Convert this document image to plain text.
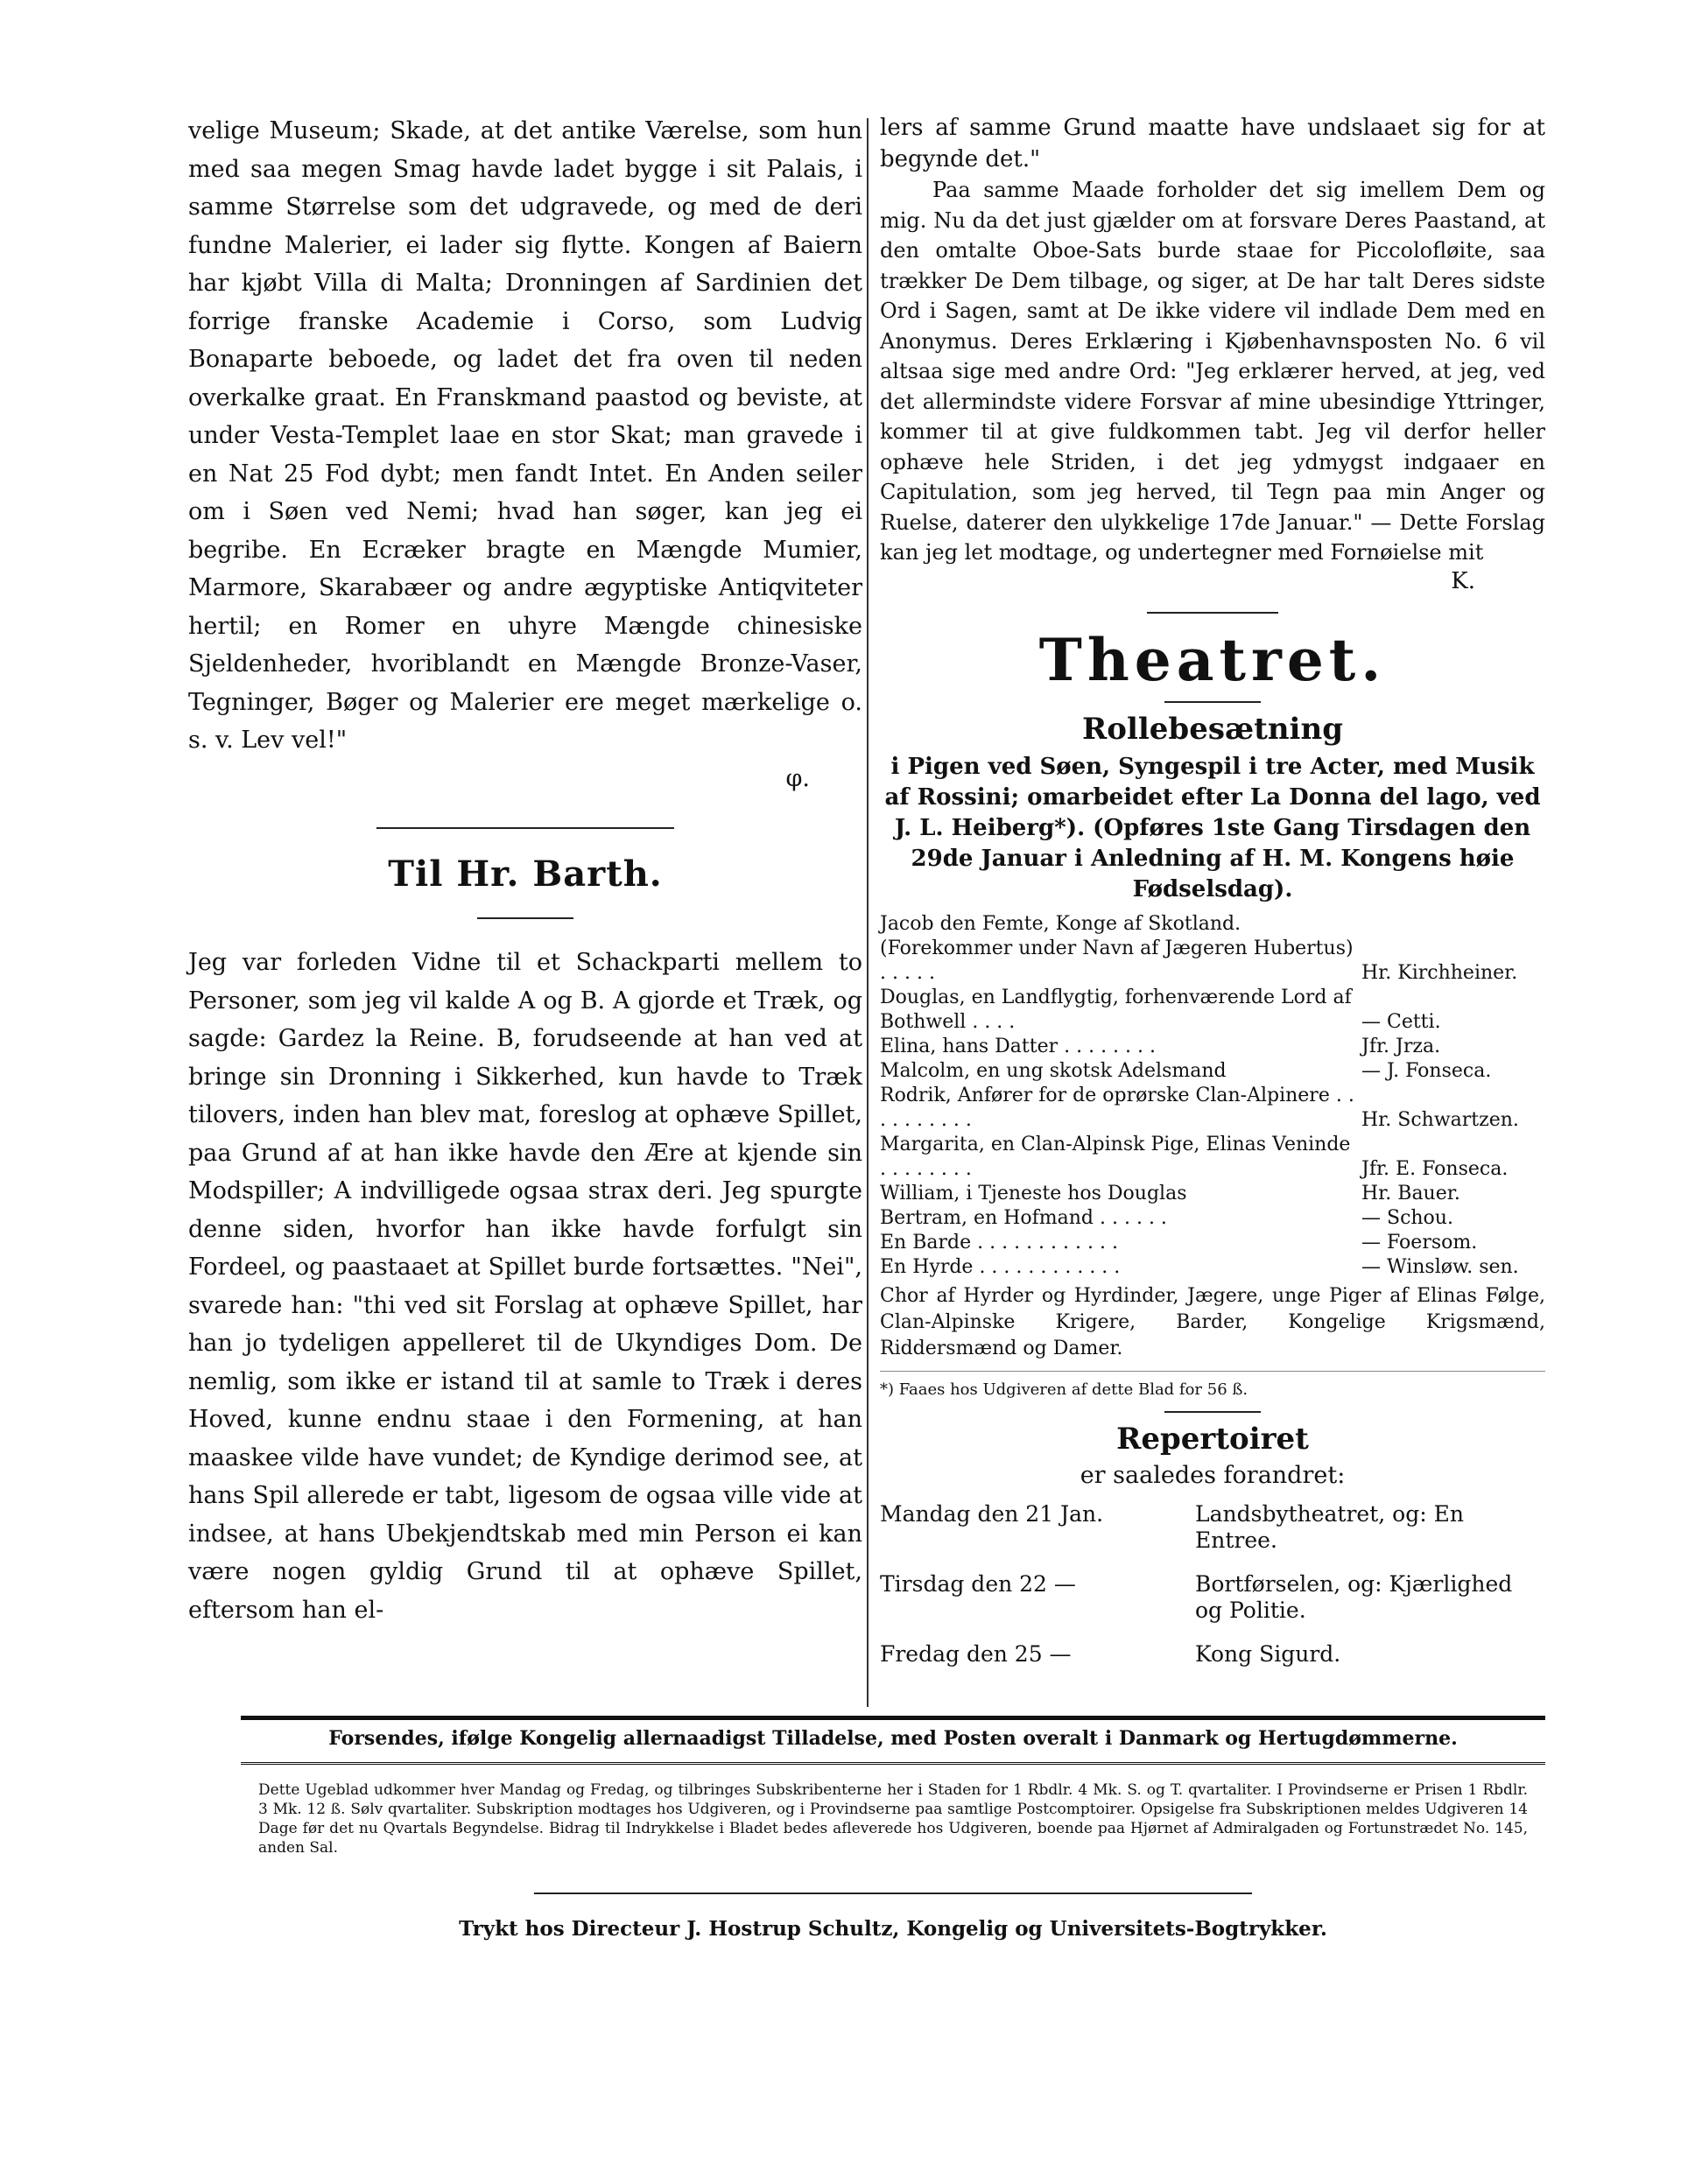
velige Museum; Skade, at det antike Værelse, som hun med saa megen Smag havde ladet bygge i sit Palais, i samme Størrelse som det udgravede, og med de deri fundne Malerier, ei lader sig flytte. Kongen af Baiern har kjøbt Villa di Malta; Dronningen af Sardinien det forrige franske Academie i Corso, som Ludvig Bonaparte beboede, og ladet det fra oven til neden overkalke graat. En Franskmand paastod og beviste, at under Vesta-Templet laae en stor Skat; man gravede i en Nat 25 Fod dybt; men fandt Intet. En Anden seiler om i Søen ved Nemi; hvad han søger, kan jeg ei begribe. En Ecræker bragte en Mængde Mumier, Marmore, Skarabæer og andre ægyptiske Antiqviteter hertil; en Romer en uhyre Mængde chinesiske Sjeldenheder, hvoriblandt en Mængde Bronze-Vaser, Tegninger, Bøger og Malerier ere meget mærkelige o. s. v. Lev vel!"

φ.
Til Hr. Barth.

Jeg var forleden Vidne til et Schackparti mellem to Personer, som jeg vil kalde A og B. A gjorde et Træk, og sagde: Gardez la Reine. B, forudseende at han ved at bringe sin Dronning i Sikkerhed, kun havde to Træk tilovers, inden han blev mat, foreslog at ophæve Spillet, paa Grund af at han ikke havde den Ære at kjende sin Modspiller; A indvilligede ogsaa strax deri. Jeg spurgte denne siden, hvorfor han ikke havde forfulgt sin Fordeel, og paastaaet at Spillet burde fortsættes. "Nei", svarede han: "thi ved sit Forslag at ophæve Spillet, har han jo tydeligen appelleret til de Ukyndiges Dom. De nemlig, som ikke er istand til at samle to Træk i deres Hoved, kunne endnu staae i den Formening, at han maaskee vilde have vundet; de Kyndige derimod see, at hans Spil allerede er tabt, ligesom de ogsaa ville vide at indsee, at hans Ubekjendtskab med min Person ei kan være nogen gyldig Grund til at ophæve Spillet, eftersom han el-

lers af samme Grund maatte have undslaaet sig for at begynde det."

Paa samme Maade forholder det sig imellem Dem og mig. Nu da det just gjælder om at forsvare Deres Paastand, at den omtalte Oboe-Sats burde staae for Piccolofløite, saa trækker De Dem tilbage, og siger, at De har talt Deres sidste Ord i Sagen, samt at De ikke videre vil indlade Dem med en Anonymus. Deres Erklæring i Kjøbenhavnsposten No. 6 vil altsaa sige med andre Ord: "Jeg erklærer herved, at jeg, ved det allermindste videre Forsvar af mine ubesindige Yttringer, kommer til at give fuldkommen tabt. Jeg vil derfor heller ophæve hele Striden, i det jeg ydmygst indgaaer en Capitulation, som jeg herved, til Tegn paa min Anger og Ruelse, daterer den ulykkelige 17de Januar." — Dette Forslag kan jeg let modtage, og undertegner med Fornøielse mit

K.
Theatret.
Rollebesætning

i Pigen ved Søen, Syngespil i tre Acter, med Musik af Rossini; omarbeidet efter La Donna del lago, ved J. L. Heiberg*). (Opføres 1ste Gang Tirsdagen den 29de Januar i Anledning af H. M. Kongens høie Fødselsdag).

Jacob den Femte, Konge af Skotland. (Forekommer under Navn af Jægeren Hubertus) . . . . .	Hr. Kirchheiner.
Douglas, en Landflygtig, forhenværende Lord af Bothwell . . . .	— Cetti.
Elina, hans Datter . . . . . . . .	Jfr. Jrza.
Malcolm, en ung skotsk Adelsmand	— J. Fonseca.
Rodrik, Anfører for de oprørske Clan-Alpinere . . . . . . . . . .	Hr. Schwartzen.
Margarita, en Clan-Alpinsk Pige, Elinas Veninde . . . . . . . .	Jfr. E. Fonseca.
William, i Tjeneste hos Douglas	Hr. Bauer.
Bertram, en Hofmand . . . . . .	— Schou.
En Barde . . . . . . . . . . . .	— Foersom.
En Hyrde . . . . . . . . . . . .	— Winsløw. sen.

Chor af Hyrder og Hyrdinder, Jægere, unge Piger af Elinas Følge, Clan-Alpinske Krigere, Barder, Kongelige Krigsmænd, Riddersmænd og Damer.

*) Faaes hos Udgiveren af dette Blad for 56 ß.

Repertoiret
er saaledes forandret:
Mandag den 21 Jan.	Landsbytheatret, og: En Entree.
Tirsdag den 22 —	Bortførselen, og: Kjærlighed og Politie.
Fredag den 25 —	Kong Sigurd.
Forsendes, ifølge Kongelig allernaadigst Tilladelse, med Posten overalt i Danmark og Hertugdømmerne.

Dette Ugeblad udkommer hver Mandag og Fredag, og tilbringes Subskribenterne her i Staden for 1 Rbdlr. 4 Mk. S. og T. qvartaliter. I Provindserne er Prisen 1 Rbdlr. 3 Mk. 12 ß. Sølv qvartaliter. Subskription modtages hos Udgiveren, og i Provindserne paa samtlige Postcomptoirer. Opsigelse fra Subskriptionen meldes Udgiveren 14 Dage før det nu Qvartals Begyndelse. Bidrag til Indrykkelse i Bladet bedes afleverede hos Udgiveren, boende paa Hjørnet af Admiralgaden og Fortunstrædet No. 145, anden Sal.

Trykt hos Directeur J. Hostrup Schultz, Kongelig og Universitets-Bogtrykker.
